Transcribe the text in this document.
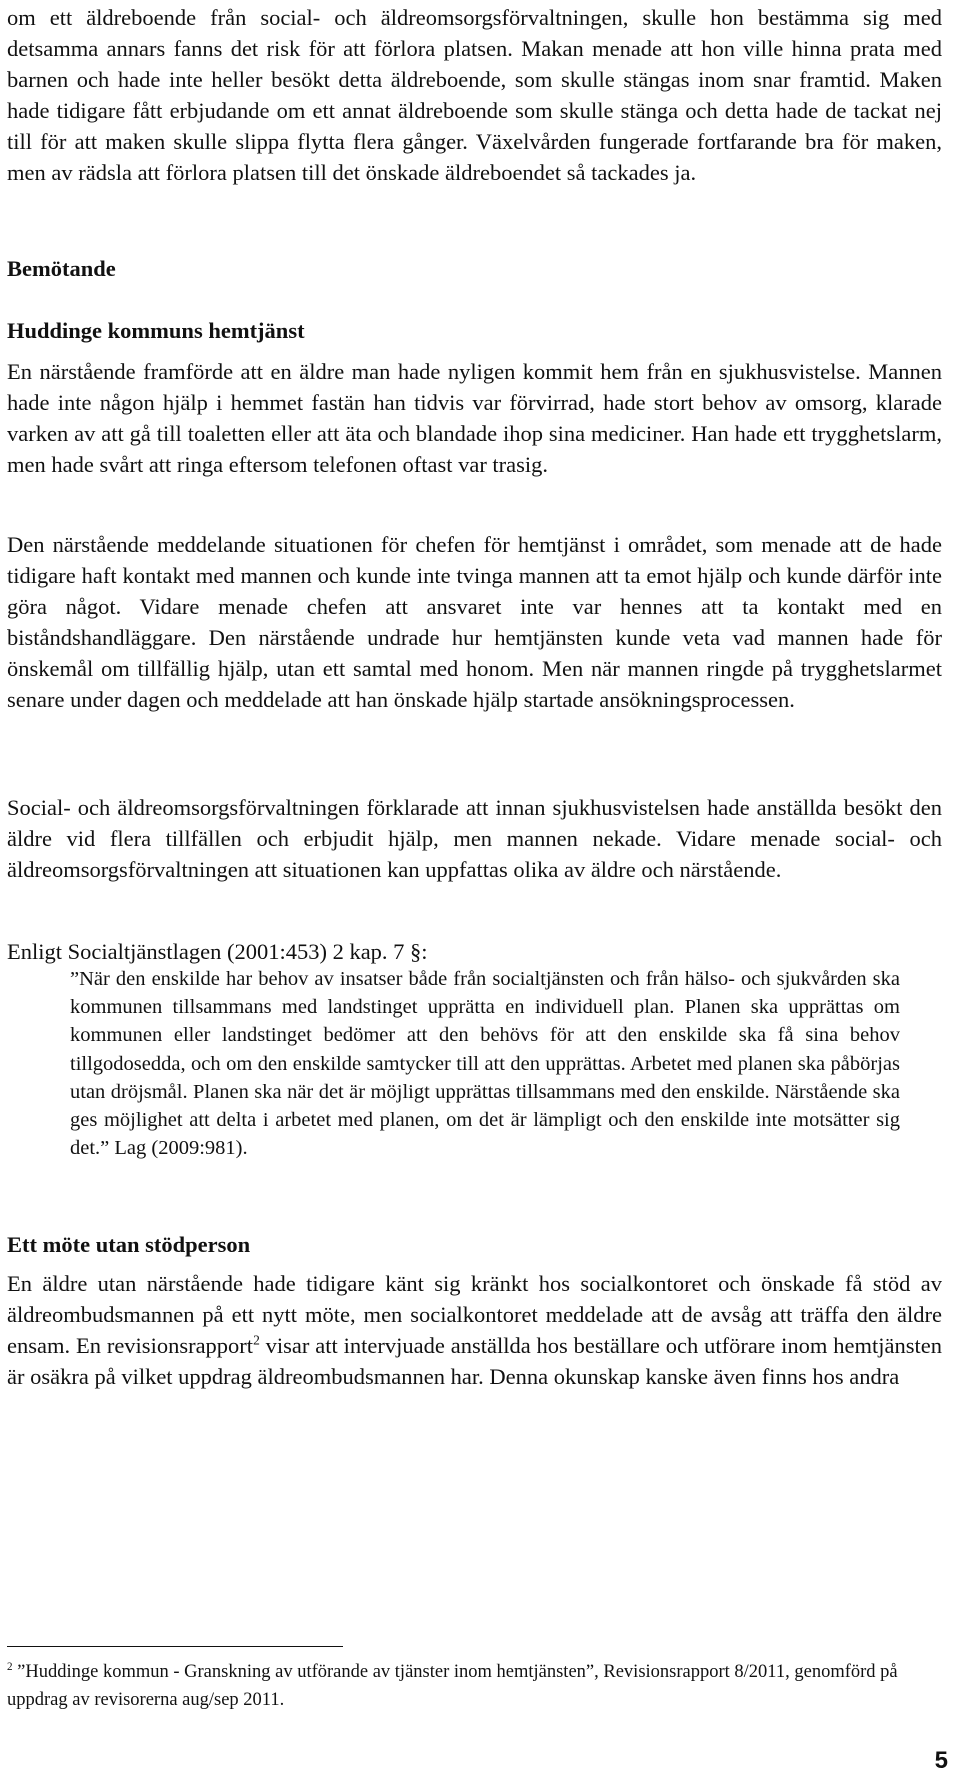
om ett äldreboende från social- och äldreomsorgsförvaltningen, skulle hon bestämma sig med detsamma annars fanns det risk för att förlora platsen. Makan menade att hon ville hinna prata med barnen och hade inte heller besökt detta äldreboende, som skulle stängas inom snar framtid. Maken hade tidigare fått erbjudande om ett annat äldreboende som skulle stänga och detta hade de tackat nej till för att maken skulle slippa flytta flera gånger. Växelvården fungerade fortfarande bra för maken, men av rädsla att förlora platsen till det önskade äldreboendet så tackades ja.

Bemötande

Huddinge kommuns hemtjänst

En närstående framförde att en äldre man hade nyligen kommit hem från en sjukhusvistelse. Mannen hade inte någon hjälp i hemmet fastän han tidvis var förvirrad, hade stort behov av omsorg, klarade varken av att gå till toaletten eller att äta och blandade ihop sina mediciner. Han hade ett trygghetslarm, men hade svårt att ringa eftersom telefonen oftast var trasig.

Den närstående meddelande situationen för chefen för hemtjänst i området, som menade att de hade tidigare haft kontakt med mannen och kunde inte tvinga mannen att ta emot hjälp och kunde därför inte göra något. Vidare menade chefen att ansvaret inte var hennes att ta kontakt med en biståndshandläggare. Den närstående undrade hur hemtjänsten kunde veta vad mannen hade för önskemål om tillfällig hjälp, utan ett samtal med honom. Men när mannen ringde på trygghetslarmet senare under dagen och meddelade att han önskade hjälp startade ansökningsprocessen.

Social- och äldreomsorgsförvaltningen förklarade att innan sjukhusvistelsen hade anställda besökt den äldre vid flera tillfällen och erbjudit hjälp, men mannen nekade. Vidare menade social- och äldreomsorgsförvaltningen att situationen kan uppfattas olika av äldre och närstående.

Enligt Socialtjänstlagen (2001:453) 2 kap. 7 §:

”När den enskilde har behov av insatser både från socialtjänsten och från hälso- och sjukvården ska kommunen tillsammans med landstinget upprätta en individuell plan. Planen ska upprättas om kommunen eller landstinget bedömer att den behövs för att den enskilde ska få sina behov tillgodosedda, och om den enskilde samtycker till att den upprättas. Arbetet med planen ska påbörjas utan dröjsmål. Planen ska när det är möjligt upprättas tillsammans med den enskilde. Närstående ska ges möjlighet att delta i arbetet med planen, om det är lämpligt och den enskilde inte motsätter sig det.” Lag (2009:981).

Ett möte utan stödperson

En äldre utan närstående hade tidigare känt sig kränkt hos socialkontoret och önskade få stöd av äldreombudsmannen på ett nytt möte, men socialkontoret meddelade att de avsåg att träffa den äldre ensam. En revisionsrapport$^2$ visar att intervjuade anställda hos beställare och utförare inom hemtjänsten är osäkra på vilket uppdrag äldreombudsmannen har. Denna okunskap kanske även finns hos andra

$^2$ ”Huddinge kommun - Granskning av utförande av tjänster inom hemtjänsten”, Revisionsrapport 8/2011, genomförd på uppdrag av revisorerna aug/sep 2011.

5
